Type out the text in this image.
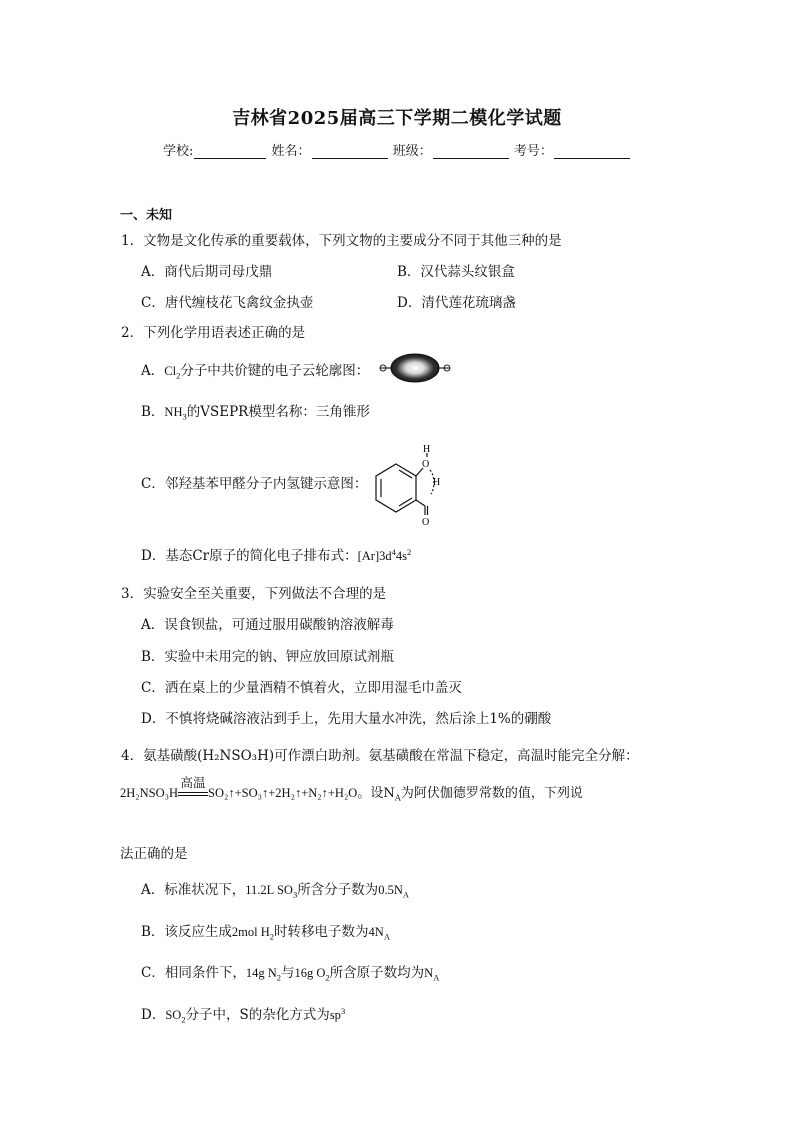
吉林省2025届高三下学期二模化学试题
学校:	姓名：	班级：	考号：
一、未知
1．文物是文化传承的重要载体，下列文物的主要成分不同于其他三种的是
A．商代后期司母戊鼎	B．汉代蒜头纹银盒
C．唐代缠枝花飞禽纹金执壶	D．清代莲花琉璃盏
2．下列化学用语表述正确的是
A．$Cl_2$分子中共价键的电子云轮廓图：
B．$NH_3$的VSEPR模型名称：三角锥形
C．邻羟基苯甲醛分子内氢键示意图：
H
O
H
O
D．基态Cr原子的简化电子排布式：$[Ar]3d^44s^2$
3．实验安全至关重要，下列做法不合理的是
A．误食钡盐，可通过服用碳酸钠溶液解毒
B．实验中未用完的钠、钾应放回原试剂瓶
C．洒在桌上的少量酒精不慎着火，立即用湿毛巾盖灭
D．不慎将烧碱溶液沾到手上，先用大量水冲洗，然后涂上1%的硼酸
4．氨基磺酸(H₂NSO₃H)可作漂白助剂。氨基磺酸在常温下稳定，高温时能完全分解：
2H₂NSO₃H
高温
SO₂↑+SO₃↑+2H₂↑+N₂↑+H₂O。设$N_A$为阿伏伽德罗常数的值，下列说
法正确的是
A．标准状况下，11.2L $SO_3$所含分子数为$0.5N_A$
B．该反应生成2mol $H_2$时转移电子数为$4N_A$
C．相同条件下，14g $N_2$与16g $O_2$所含原子数均为$N_A$
D．$SO_2$分子中，S的杂化方式为$sp^3$
